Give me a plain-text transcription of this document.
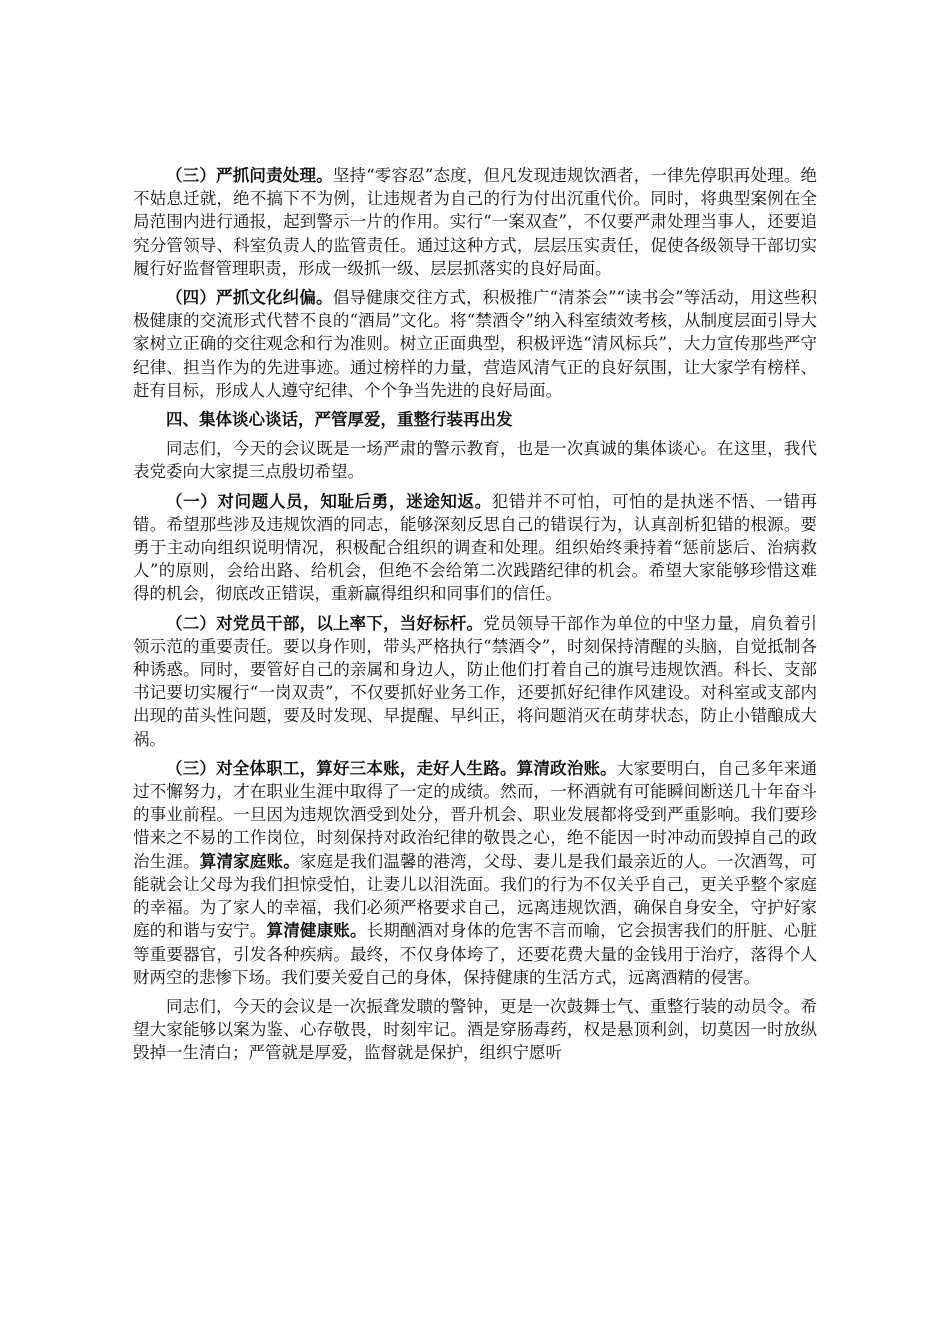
（三）严抓问责处理。坚持“零容忍”态度，但凡发现违规饮酒者，一律先停职再处理。绝不姑息迁就，绝不搞下不为例，让违规者为自己的行为付出沉重代价。同时，将典型案例在全局范围内进行通报，起到警示一片的作用。实行“一案双查”，不仅要严肃处理当事人，还要追究分管领导、科室负责人的监管责任。通过这种方式，层层压实责任，促使各级领导干部切实履行好监督管理职责，形成一级抓一级、层层抓落实的良好局面。

（四）严抓文化纠偏。倡导健康交往方式，积极推广“清茶会”“读书会”等活动，用这些积极健康的交流形式代替不良的“酒局”文化。将“禁酒令”纳入科室绩效考核，从制度层面引导大家树立正确的交往观念和行为准则。树立正面典型，积极评选“清风标兵”，大力宣传那些严守纪律、担当作为的先进事迹。通过榜样的力量，营造风清气正的良好氛围，让大家学有榜样、赶有目标，形成人人遵守纪律、个个争当先进的良好局面。

四、集体谈心谈话，严管厚爱，重整行装再出发

同志们，今天的会议既是一场严肃的警示教育，也是一次真诚的集体谈心。在这里，我代表党委向大家提三点殷切希望。

（一）对问题人员，知耻后勇，迷途知返。犯错并不可怕，可怕的是执迷不悟、一错再错。希望那些涉及违规饮酒的同志，能够深刻反思自己的错误行为，认真剖析犯错的根源。要勇于主动向组织说明情况，积极配合组织的调查和处理。组织始终秉持着“惩前毖后、治病救人”的原则，会给出路、给机会，但绝不会给第二次践踏纪律的机会。希望大家能够珍惜这难得的机会，彻底改正错误，重新赢得组织和同事们的信任。

（二）对党员干部，以上率下，当好标杆。党员领导干部作为单位的中坚力量，肩负着引领示范的重要责任。要以身作则，带头严格执行“禁酒令”，时刻保持清醒的头脑，自觉抵制各种诱惑。同时，要管好自己的亲属和身边人，防止他们打着自己的旗号违规饮酒。科长、支部书记要切实履行“一岗双责”，不仅要抓好业务工作，还要抓好纪律作风建设。对科室或支部内出现的苗头性问题，要及时发现、早提醒、早纠正，将问题消灭在萌芽状态，防止小错酿成大祸。

（三）对全体职工，算好三本账，走好人生路。算清政治账。大家要明白，自己多年来通过不懈努力，才在职业生涯中取得了一定的成绩。然而，一杯酒就有可能瞬间断送几十年奋斗的事业前程。一旦因为违规饮酒受到处分，晋升机会、职业发展都将受到严重影响。我们要珍惜来之不易的工作岗位，时刻保持对政治纪律的敬畏之心，绝不能因一时冲动而毁掉自己的政治生涯。算清家庭账。家庭是我们温馨的港湾，父母、妻儿是我们最亲近的人。一次酒驾，可能就会让父母为我们担惊受怕，让妻儿以泪洗面。我们的行为不仅关乎自己，更关乎整个家庭的幸福。为了家人的幸福，我们必须严格要求自己，远离违规饮酒，确保自身安全，守护好家庭的和谐与安宁。算清健康账。长期酗酒对身体的危害不言而喻，它会损害我们的肝脏、心脏等重要器官，引发各种疾病。最终，不仅身体垮了，还要花费大量的金钱用于治疗，落得个人财两空的悲惨下场。我们要关爱自己的身体，保持健康的生活方式，远离酒精的侵害。

同志们，今天的会议是一次振聋发聩的警钟，更是一次鼓舞士气、重整行装的动员令。希望大家能够以案为鉴、心存敬畏，时刻牢记。酒是穿肠毒药，权是悬顶利剑，切莫因一时放纵毁掉一生清白；严管就是厚爱，监督就是保护，组织宁愿听
